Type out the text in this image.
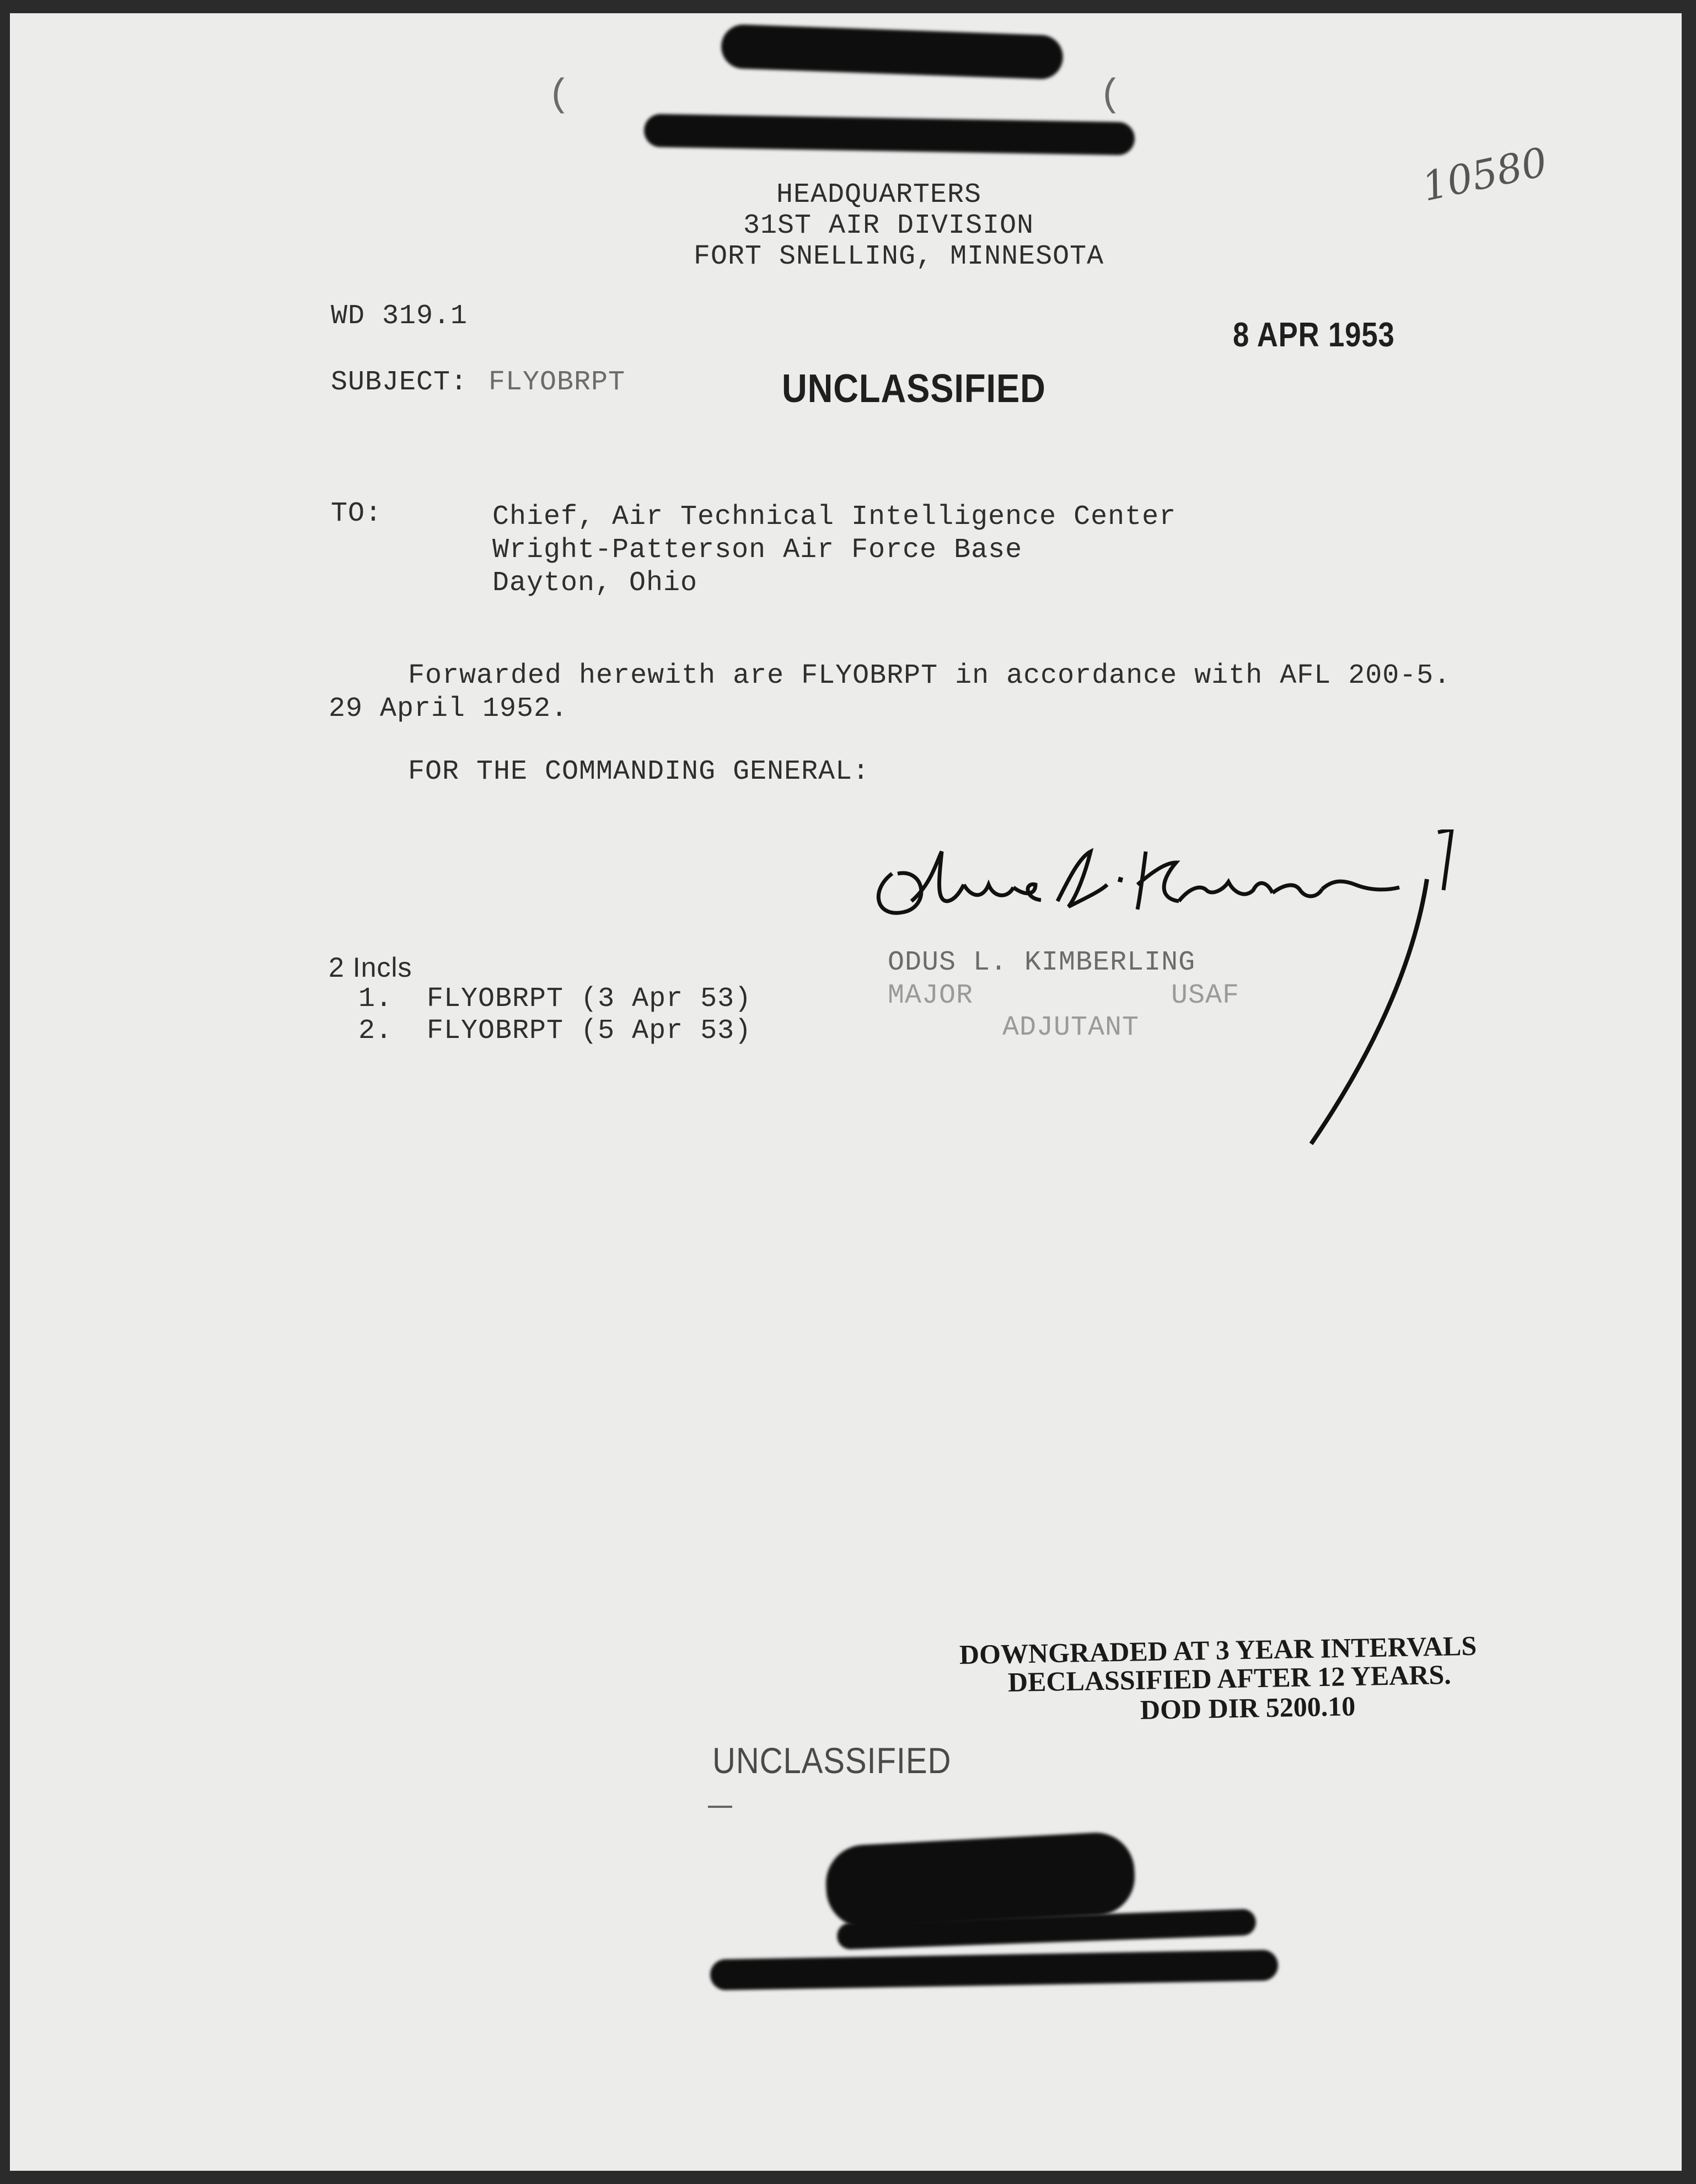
(	(
10580
HEADQUARTERS
31ST AIR DIVISION
FORT SNELLING, MINNESOTA
WD 319.1	8 APR 1953
SUBJECT: FLYOBRPT	UNCLASSIFIED
TO:	Chief, Air Technical Intelligence Center
Wright-Patterson Air Force Base
Dayton, Ohio
Forwarded herewith are FLYOBRPT in accordance with AFL 200-5.
29 April 1952.
FOR THE COMMANDING GENERAL:
ODUS L. KIMBERLING
MAJOR	USAF
ADJUTANT
2 Incls
1.  FLYOBRPT (3 Apr 53)
2.  FLYOBRPT (5 Apr 53)
DOWNGRADED AT 3 YEAR INTERVALS
DECLASSIFIED AFTER 12 YEARS.
DOD DIR 5200.10
UNCLASSIFIED
